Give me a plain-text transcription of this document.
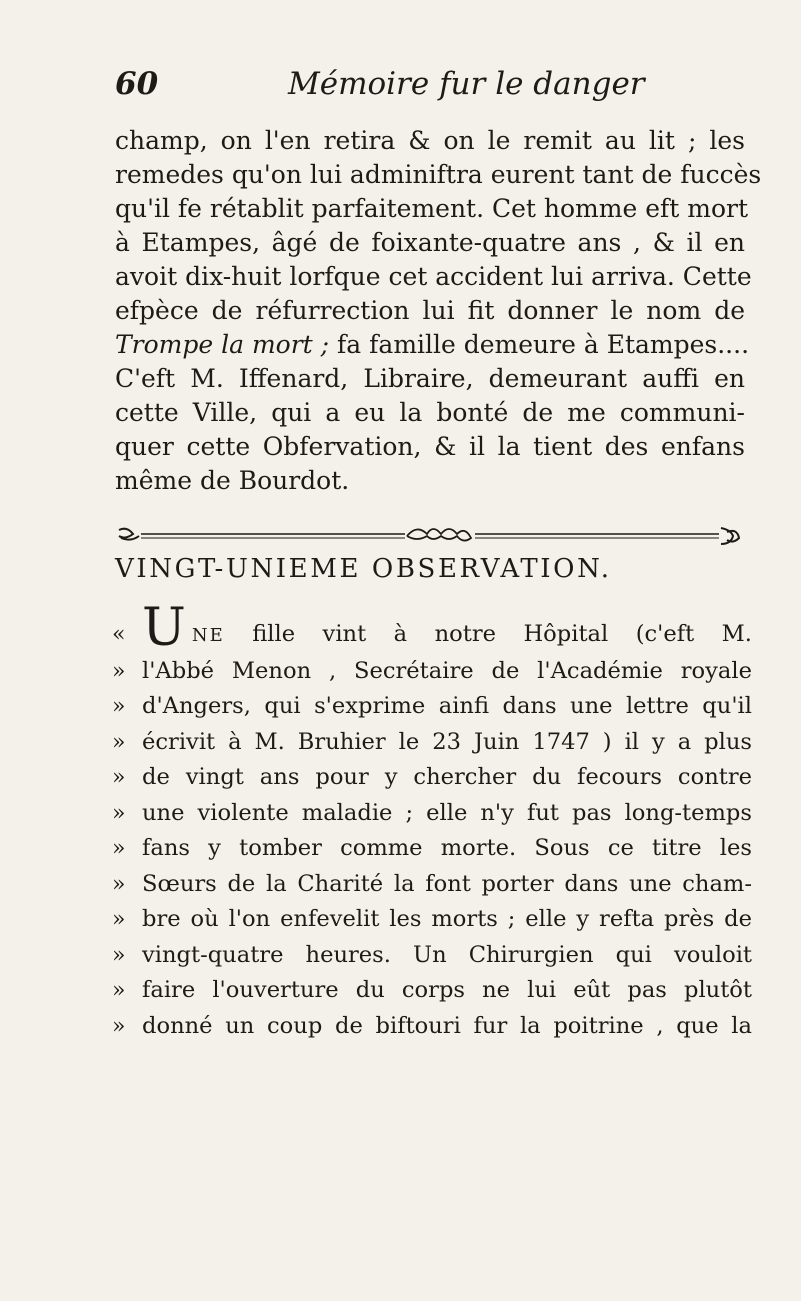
60	Mémoire fur le danger
champ, on l'en retira & on le remit au lit ; les
remedes qu'on lui adminiftra eurent tant de fuccès
qu'il fe rétablit parfaitement. Cet homme eft mort
à Etampes, âgé de foixante-quatre ans , & il en
avoit dix-huit lorfque cet accident lui arriva. Cette
efpèce de réfurrection lui fit donner le nom de
Trompe la mort ; fa famille demeure à Etampes....
C'eft M. Iffenard, Libraire, demeurant auffi en
cette Ville, qui a eu la bonté de me communi-
quer cette Obfervation, & il la tient des enfans
même de Bourdot.
VINGT-UNIEME OBSERVATION.
« U NE fille vint à notre Hôpital (c'eft M.
» l'Abbé Menon , Secrétaire de l'Académie royale
» d'Angers, qui s'exprime ainfi dans une lettre qu'il
» écrivit à M. Bruhier le 23 Juin 1747 ) il y a plus
» de vingt ans pour y chercher du fecours contre
» une violente maladie ; elle n'y fut pas long-temps
» fans y tomber comme morte. Sous ce titre les
» Sœurs de la Charité la font porter dans une cham-
» bre où l'on enfevelit les morts ; elle y refta près de
» vingt-quatre heures. Un Chirurgien qui vouloit
» faire l'ouverture du corps ne lui eût pas plutôt
» donné un coup de biftouri fur la poitrine , que la
